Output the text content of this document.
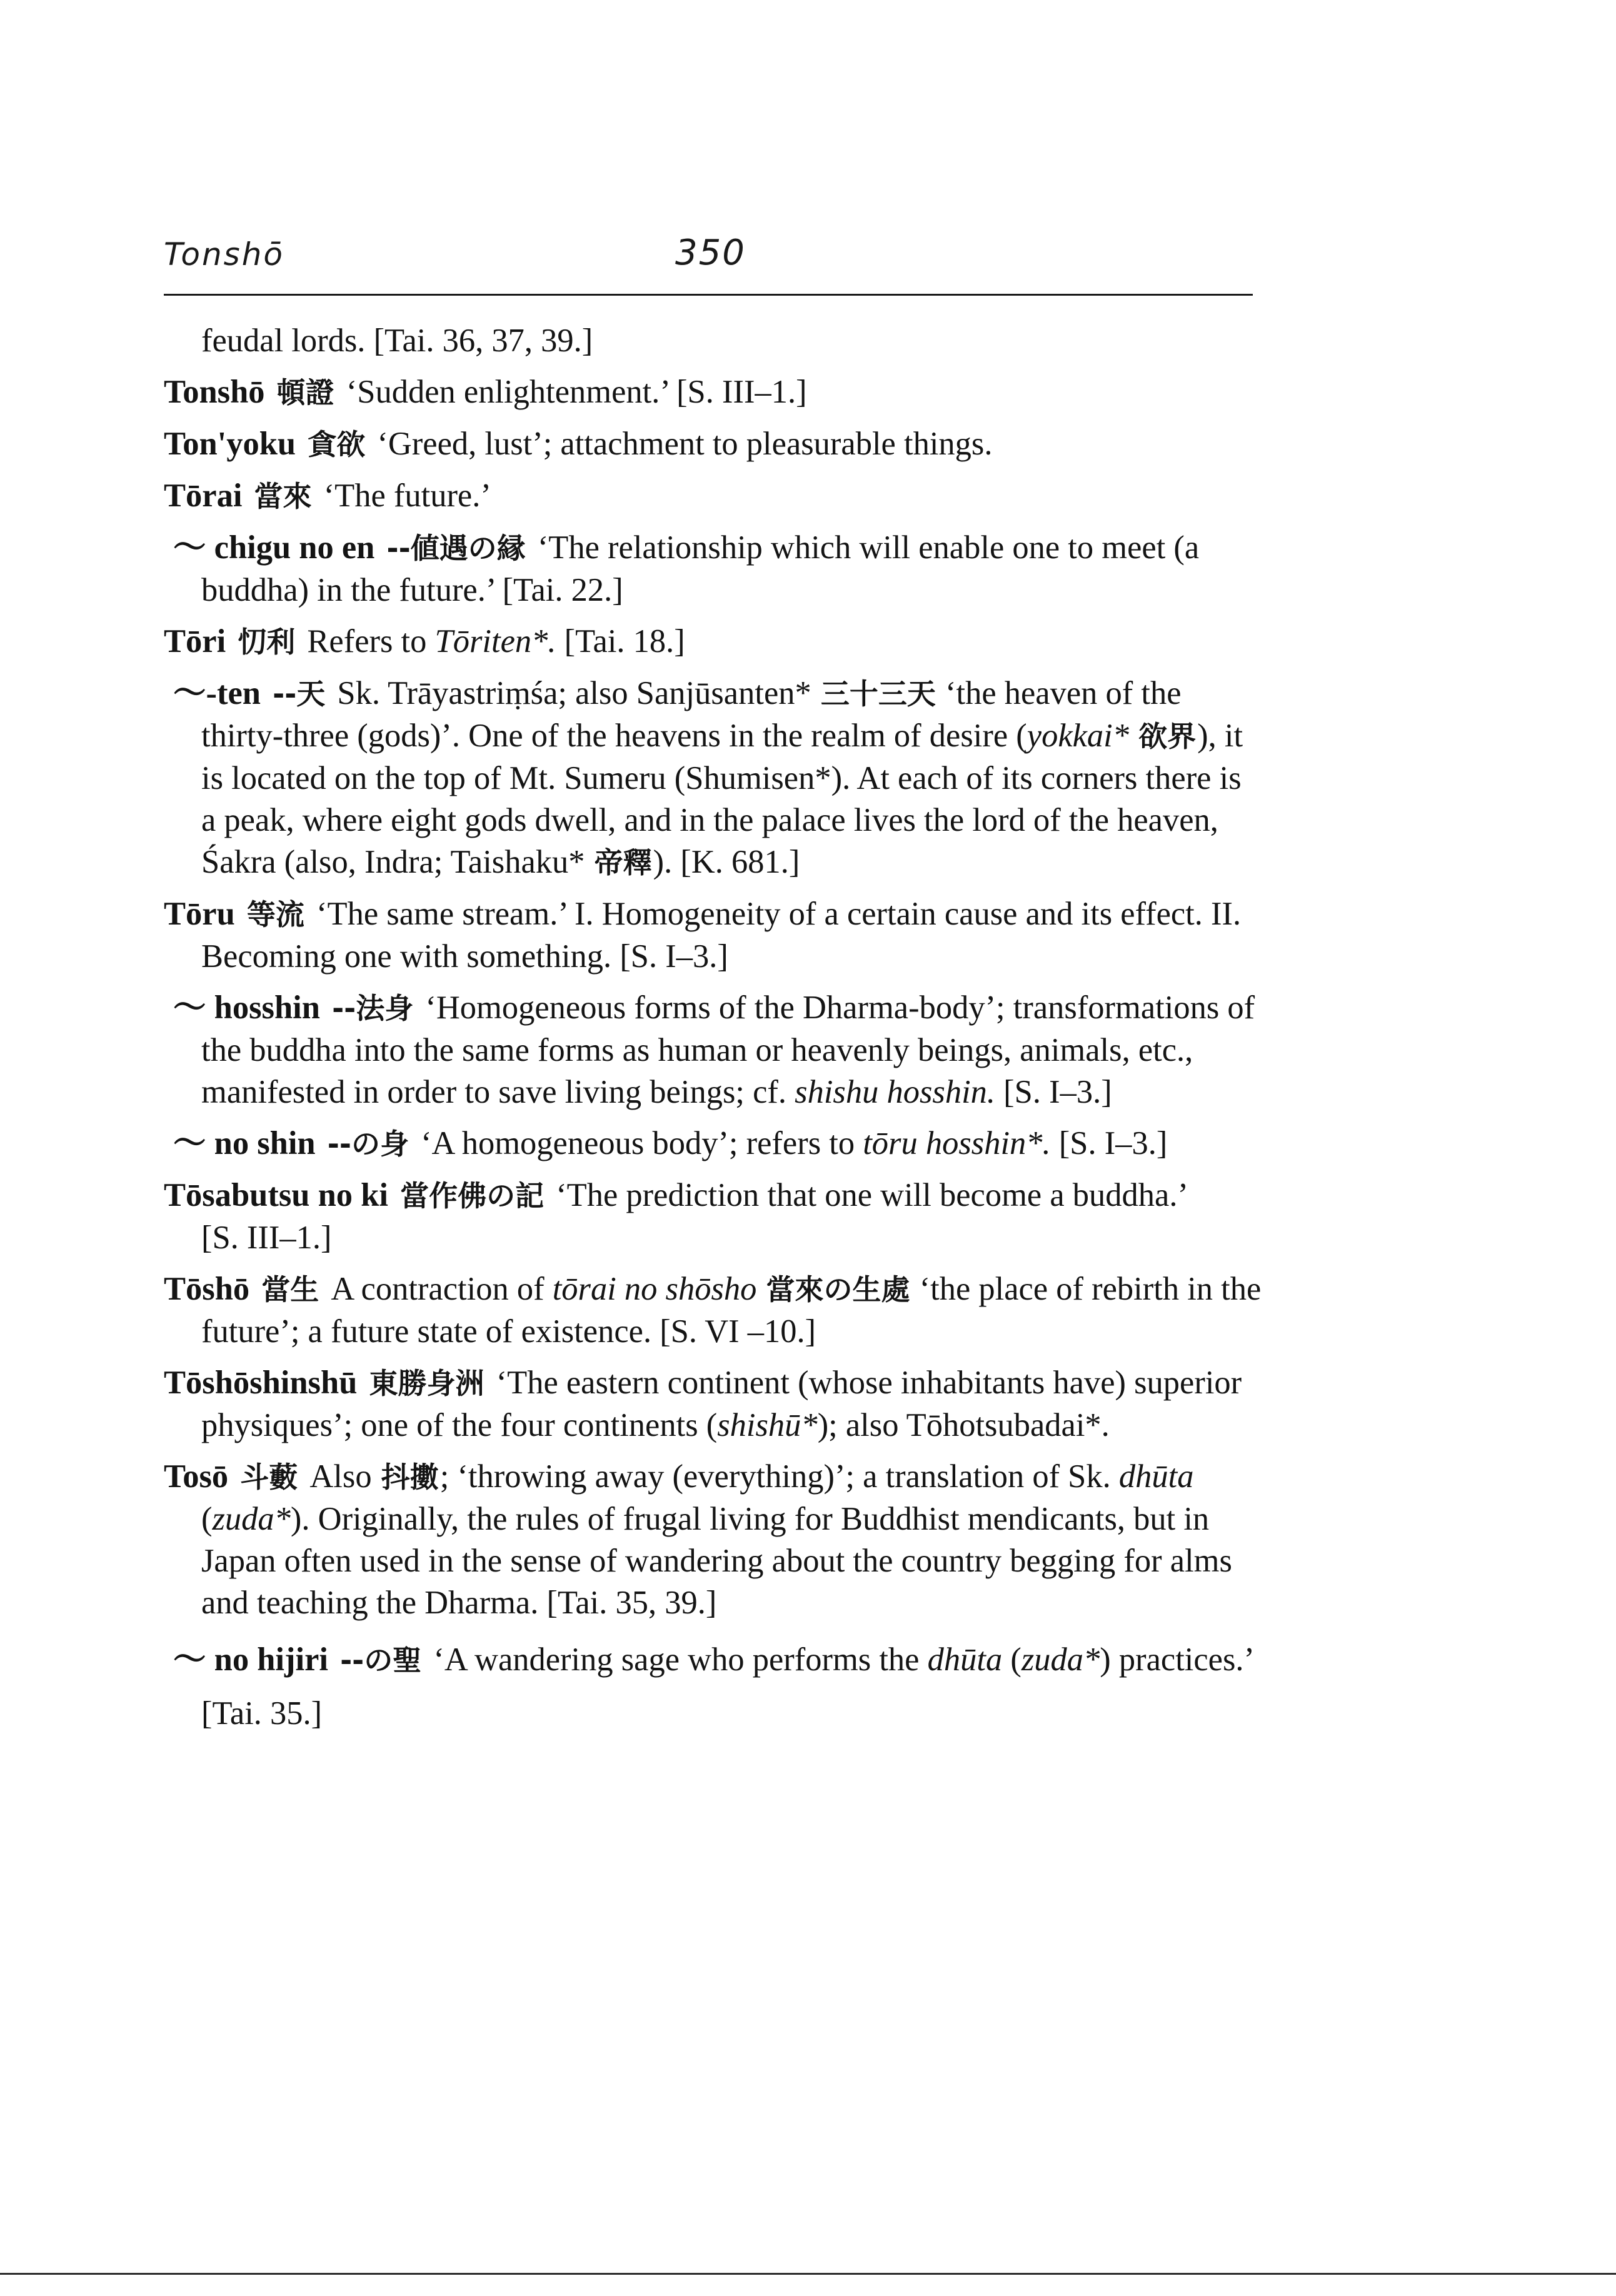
Tonshō	350

feudal lords. [Tai. 36, 37, 39.]

Tonshō 頓證 ‘Sudden enlightenment.’ [S. III–1.]

Ton'yoku 貪欲 ‘Greed, lust’; attachment to pleasurable things.

Tōrai 當來 ‘The future.’

～ chigu no en --値遇の縁 ‘The relationship which will enable one to meet (a buddha) in the future.’ [Tai. 22.]

Tōri 忉利 Refers to Tōriten*. [Tai. 18.]

～-ten --天 Sk. Trāyastriṃśa; also Sanjūsanten* 三十三天 ‘the heaven of the thirty-three (gods)’. One of the heavens in the realm of desire (yokkai* 欲界), it is located on the top of Mt. Sumeru (Shumisen*). At each of its corners there is a peak, where eight gods dwell, and in the palace lives the lord of the heaven, Śakra (also, Indra; Taishaku* 帝釋). [K. 681.]

Tōru 等流 ‘The same stream.’ I. Homogeneity of a certain cause and its effect. II. Becoming one with something. [S. I–3.]

～ hosshin --法身 ‘Homogeneous forms of the Dharma-body’; transformations of the buddha into the same forms as human or heavenly beings, animals, etc., manifested in order to save living beings; cf. shishu hosshin. [S. I–3.]

～ no shin --の身 ‘A homogeneous body’; refers to tōru hosshin*. [S. I–3.]

Tōsabutsu no ki 當作佛の記 ‘The prediction that one will become a buddha.’ [S. III–1.]

Tōshō 當生 A contraction of tōrai no shōsho 當來の生處 ‘the place of rebirth in the future’; a future state of existence. [S. VI –10.]

Tōshōshinshū 東勝身洲 ‘The eastern continent (whose inhabitants have) superior physiques’; one of the four continents (shishū*); also Tōhotsubadai*.

Tosō 斗藪 Also 抖擻; ‘throwing away (everything)’; a translation of Sk. dhūta (zuda*). Originally, the rules of frugal living for Buddhist mendicants, but in Japan often used in the sense of wandering about the country begging for alms and teaching the Dharma. [Tai. 35, 39.]

～ no hijiri --の聖 ‘A wandering sage who performs the dhūta (zuda*) practices.’ [Tai. 35.]
